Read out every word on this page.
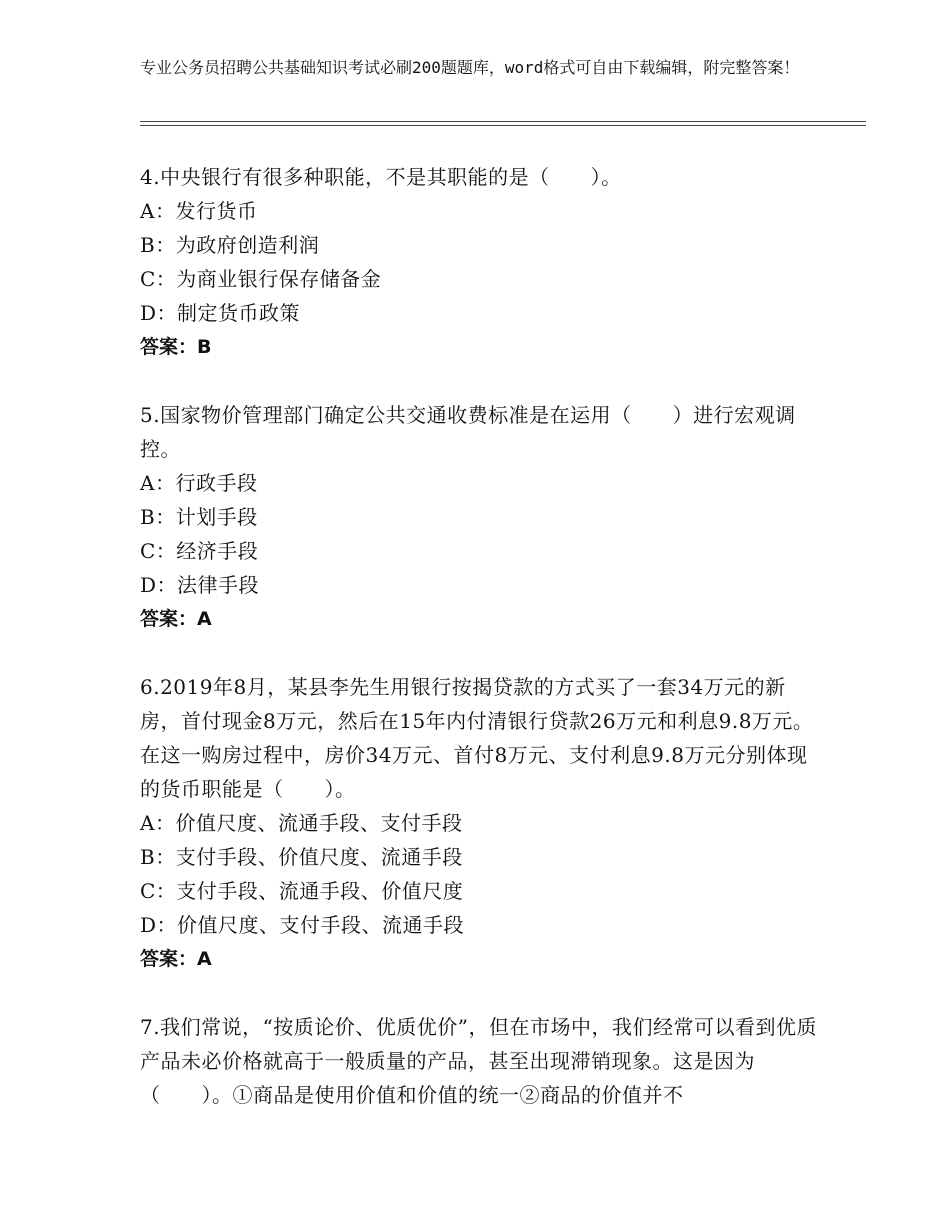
专业公务员招聘公共基础知识考试必刷200题题库，word格式可自由下载编辑，附完整答案！
4.中央银行有很多种职能，不是其职能的是（　　）。
A：发行货币
B：为政府创造利润
C：为商业银行保存储备金
D：制定货币政策
答案：B
5.国家物价管理部门确定公共交通收费标准是在运用（　　）进行宏观调控。
A：行政手段
B：计划手段
C：经济手段
D：法律手段
答案：A
6.2019年8月，某县李先生用银行按揭贷款的方式买了一套34万元的新房，首付现金8万元，然后在15年内付清银行贷款26万元和利息9.8万元。在这一购房过程中，房价34万元、首付8万元、支付利息9.8万元分别体现的货币职能是（　　）。
A：价值尺度、流通手段、支付手段
B：支付手段、价值尺度、流通手段
C：支付手段、流通手段、价值尺度
D：价值尺度、支付手段、流通手段
答案：A
7.我们常说，“按质论价、优质优价”，但在市场中，我们经常可以看到优质产品未必价格就高于一般质量的产品，甚至出现滞销现象。这是因为（　　）。①商品是使用价值和价值的统一②商品的价值并不
